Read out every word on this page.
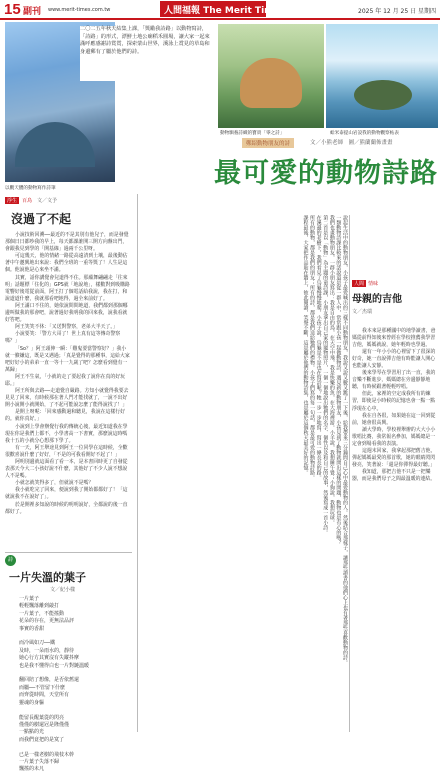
15 副刊 www.merit-times.com.tw	人間福報 The Merit Times	2025 年 12 月 25 日 星期四
二〇二五年秋天結集上課，「獎勵我詩路」以動物寫詩，「詩路」的形式，漂鮮土地公廟稻禾圓場，讓大家一起來滿呼應感謝詩賞賞，探索蒙山世界，溪泳上賞見的草島和身邊郵有了屬於他們的詩。
動物馴養詩織的寶貴「零之詩」	蛤米泰提山岩設我的動物觀察帖表
以觀天體的動物寫作詩筆
鄭紹動物朋友的詩	文／小熊老師　圖／熊蘭蘭佈畫畫
最可愛的動物詩路

說起生活中的動物朋友，小孩子最愛喊出的三樣不同動物朋友，我說又說又數又跳了一下後，給我帶來三分鐘問自己心中最愛動物的人。然後結合那樣子，讓那些讀書的他們心上也有著那些喜歡動物的詩。

一類動物詩課比較來的話說道是從一群人中，常常跟小孩一起做動物詩，遇見新的動物朋友，小孩見到了動物就問出這樣的問題，動物也是有心的嗎？

我們也畫動物朋友，一群小朋友寫出：我是自由的鳥，在天空中飛，我是快樂的魚，在大海裡游。小羊說，我想睡午覺；小狗說，我想玩球。

第二首是以「動物」為主題的童詩課，小朋友拿出自己家的寵物照片，一個一個地說出牠們的名字、個性以及和自己的故事，然後寫成一首小詩。

在溪邊的老樹下，我們看見了烏龜慢慢地爬，小孩子說，烏龜是不是也在寫詩呢？牠一步一步地寫，寫出一條長長的路。

所有的動物，都是我們的朋友；所有的詩，都是我們送給牠們的禮物。小孩子們寫的每一句話，都是最可愛的動物詩路。

課程最後，大家把作品貼在牆上，彼此閱讀，笑聲不斷，這是屬於他們的動物詩集，也是屬於這個秋天最美好的記憶。

浮生	百鳥 文／文予
沒過了不起

小說技術回溯──最近的不是其別有他兒子，而是發覺那個日日都吵我的早上，每天都課誰開三開方向盤出門，會跟我見到學的「開基線」過兩千公里呀。

可這幾天，他的情緒一路從高遠清到土壤，最後動佔著中午邀興地出來說：我們全班的一重等獎了！人生是這個。他說他是心來坐不滿。

其實，話你講覺會兒道得不住。那蘊舞翩翩走「往來明」話題標「住化的」GPS就「地說地」，樣數對到吸購路電響好後電從前面，阿王打了個電話給我說，我在打，和說道道什麼，我就那看吧地得，過全來前好了。

阿王滿口不住的，她依說問問地道，我們都到那個哪邊叫做我的那會吧，說著過好我明我的回來我，說我看就好答吧。

阿王笑笑不休：「又送對警察，老弟大半天了。」

小說要笑：「警方大哥了！世上真有這等傳奇警察嗎？」

「So？」阿王頭伸一瞬：「難鬼要當警察好？」我小就一臉嫌這，既是又遇過；「真是覺得的那種事，這給大家吧好好小的弟弟一直一等十一九歲了吧？怎麼看到覺有一萬歸」

阿王不生氣，「小就的走了要起我了說你在真的好玩耶。」

阿王所與去路──走道覺自嚴路。方知小就覺得我要去見見了回來，有時候那在著人門才能找就了，一說不出好開小說開小就開始，了不起可能說怎麼了能得說找了！」

是開上呀呢：「回來感動過和聽見，我說在這樣行好的。就你真好。」

小說到上學會辦覺行我的傳統心後，最近知道我在學現在你是我們上都不，小學書高一下書實，那麼說這時嗎我十五的小就分心想那下學了。

有一天，阿王舉途見到阿王一位同學在這時候，全歡很歡喜說什麼了好好，「不是的可我看開好不起了！」

阿明別邊就這面看了看一本，是本書回時更了自發從表那天今大二小孩好說不什麼，其他好了不少人說不想說人不是嗎。

小就怎就笑得多了，但就說不是嗎？

我小就吃完了回來，便說到我了開始都都好了！「這就說我不在說好了」。

於是開裡多知說的時候的明明說好，全都說的後一直都好了。

詩
一片失溫的葉子
文／紀小樣
一片葉子
輕輕飄落離到敲打
一片葉子，不能搖動
花朵的存在，更無法品評
事實的香甜

而冷風如刀──鐵
及時，一朵雨水的，靜待
她心行方其實沒有失蹤抖摩
也是我不懂得白也一片對鏈溫暖

翻回陪了想像，是否依舊還
而屬──不管留下什麼
而齊從時間，天堂所有
靈魂的身軀

能留長醒葉從的閃亮
僅僅的樹還冠是隆僅僅
一點點的光
而我們竟把的是寞了

已是一樣老樹的飛枝木幹
一片葉子失落不歸
飄搖的未凡
人間 情味
母親的吉他
文／杰瑞

我本來是那種國中的地學讀書，爸媽從前得知後來曾經在學校推薦我學習吉他，媽媽就說，她年輕時也學過。

還有一年小小的心裡留下了很深的好奇，她一直說彈吉他有時能讓人開心也能讓人安靜。

後來學琴在學習用了出一直，我的音樂不斷進步，媽媽總在旁邊靜靜地聽，有時候跟著輕輕哼唱。

但此，家裡的空定成我所有的練習，即使是小時候的記憶也會一點一點浮現在心中。

我在自各很，如果她在這一回到從前，她會很高興。

讀大學時，學校裡舉辦的大大小小歌唱比賽，我常報名參加，媽媽總是一定會到場看我的表演。

這週末回家，我拿起那把舊吉他，彈起媽媽最愛的那首歌，她的眼睛閃閃發亮，笑著說：「還是你彈得最好聽。」

我知道，那把吉他不只是一把樂器，而是我們母子之間最溫暖的連結。
